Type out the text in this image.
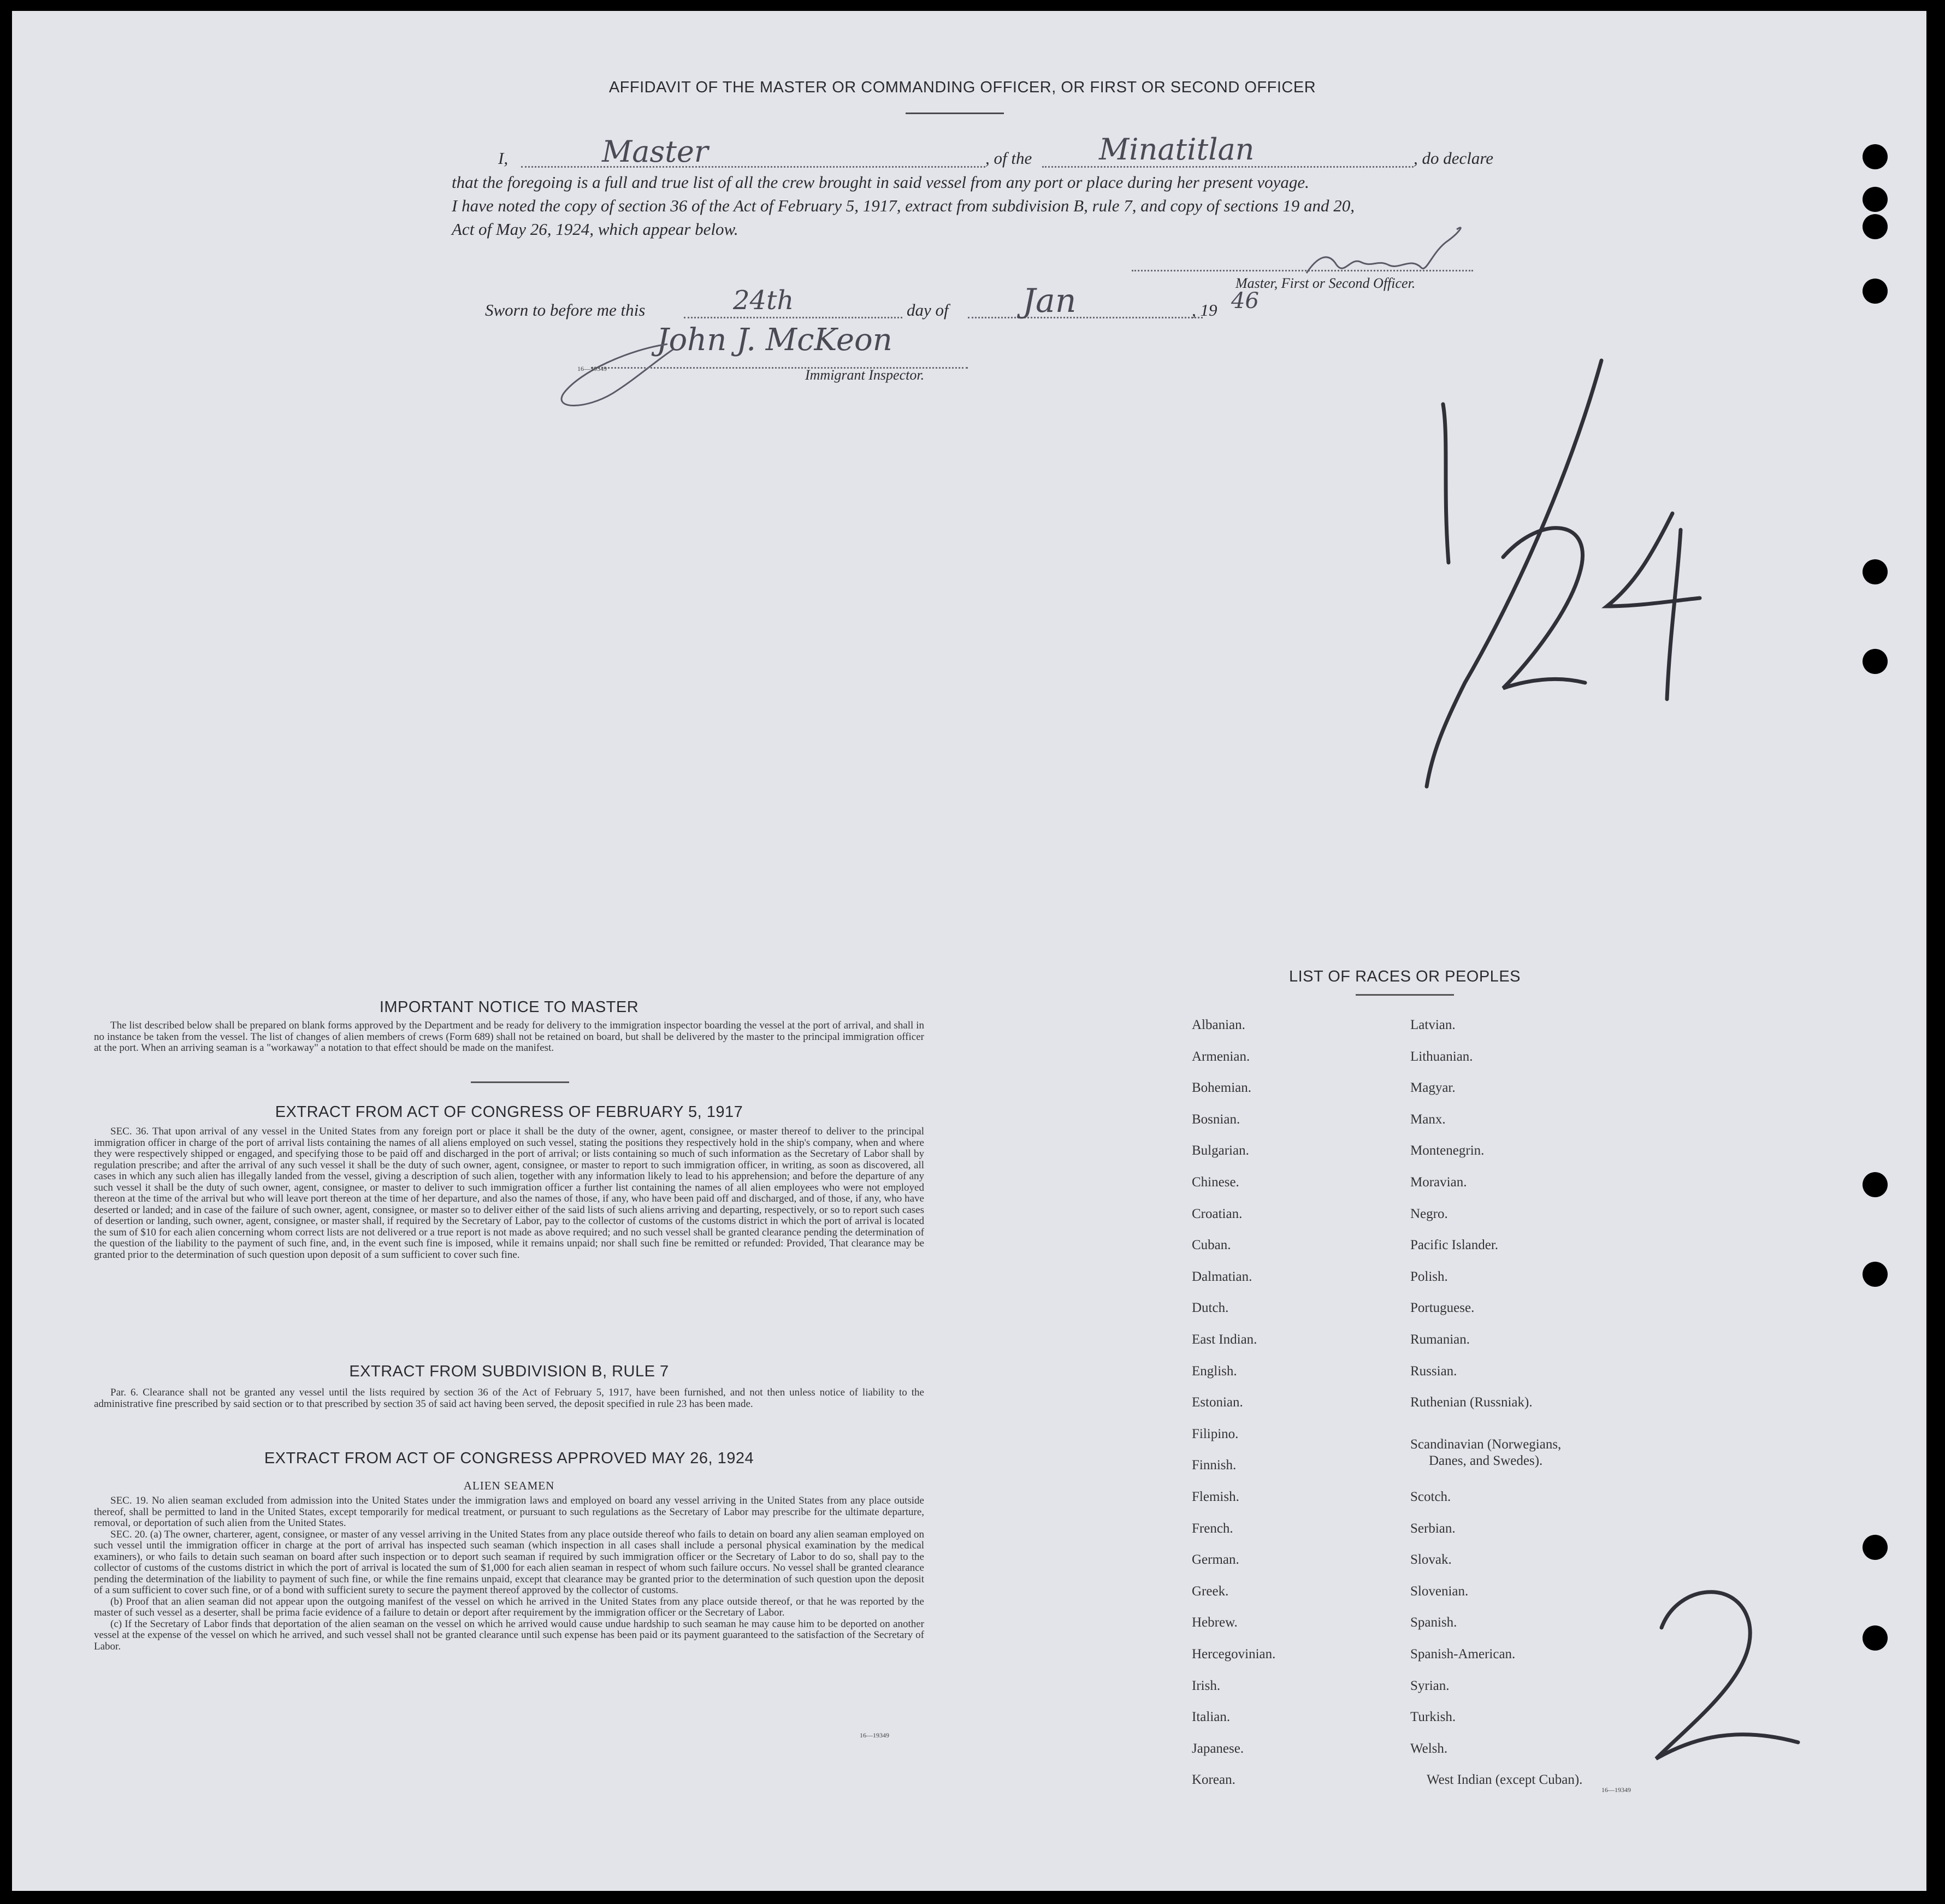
AFFIDAVIT OF THE MASTER OR COMMANDING OFFICER, OR FIRST OR SECOND OFFICER
I,	Master	, of the Minatitlan	, do declare
that the foregoing is a full and true list of all the crew brought in said vessel from any port or place during her present voyage.
I have noted the copy of section 36 of the Act of February 5, 1917, extract from subdivision B, rule 7, and copy of sections 19 and 20,
Act of May 26, 1924, which appear below.
Master, First or Second Officer.
Sworn to before me this	24th	day of Jan	, 19 46
John J. McKeon
16—19349	Immigrant Inspector.
IMPORTANT NOTICE TO MASTER

The list described below shall be prepared on blank forms approved by the Department and be ready for delivery to the immigration inspector boarding the vessel at the port of arrival, and shall in no instance be taken from the vessel. The list of changes of alien members of crews (Form 689) shall not be retained on board, but shall be delivered by the master to the principal immigration officer at the port. When an arriving seaman is a "workaway" a notation to that effect should be made on the manifest.

EXTRACT FROM ACT OF CONGRESS OF FEBRUARY 5, 1917

SEC. 36. That upon arrival of any vessel in the United States from any foreign port or place it shall be the duty of the owner, agent, consignee, or master thereof to deliver to the principal immigration officer in charge of the port of arrival lists containing the names of all aliens employed on such vessel, stating the positions they respectively hold in the ship's company, when and where they were respectively shipped or engaged, and specifying those to be paid off and discharged in the port of arrival; or lists containing so much of such information as the Secretary of Labor shall by regulation prescribe; and after the arrival of any such vessel it shall be the duty of such owner, agent, consignee, or master to report to such immigration officer, in writing, as soon as discovered, all cases in which any such alien has illegally landed from the vessel, giving a description of such alien, together with any information likely to lead to his apprehension; and before the departure of any such vessel it shall be the duty of such owner, agent, consignee, or master to deliver to such immigration officer a further list containing the names of all alien employees who were not employed thereon at the time of the arrival but who will leave port thereon at the time of her departure, and also the names of those, if any, who have been paid off and discharged, and of those, if any, who have deserted or landed; and in case of the failure of such owner, agent, consignee, or master so to deliver either of the said lists of such aliens arriving and departing, respectively, or so to report such cases of desertion or landing, such owner, agent, consignee, or master shall, if required by the Secretary of Labor, pay to the collector of customs of the customs district in which the port of arrival is located the sum of $10 for each alien concerning whom correct lists are not delivered or a true report is not made as above required; and no such vessel shall be granted clearance pending the determination of the question of the liability to the payment of such fine, and, in the event such fine is imposed, while it remains unpaid; nor shall such fine be remitted or refunded: Provided, That clearance may be granted prior to the determination of such question upon deposit of a sum sufficient to cover such fine.

EXTRACT FROM SUBDIVISION B, RULE 7

Par. 6. Clearance shall not be granted any vessel until the lists required by section 36 of the Act of February 5, 1917, have been furnished, and not then unless notice of liability to the administrative fine prescribed by said section or to that prescribed by section 35 of said act having been served, the deposit specified in rule 23 has been made.

EXTRACT FROM ACT OF CONGRESS APPROVED MAY 26, 1924
ALIEN SEAMEN

SEC. 19. No alien seaman excluded from admission into the United States under the immigration laws and employed on board any vessel arriving in the United States from any place outside thereof, shall be permitted to land in the United States, except temporarily for medical treatment, or pursuant to such regulations as the Secretary of Labor may prescribe for the ultimate departure, removal, or deportation of such alien from the United States.

SEC. 20. (a) The owner, charterer, agent, consignee, or master of any vessel arriving in the United States from any place outside thereof who fails to detain on board any alien seaman employed on such vessel until the immigration officer in charge at the port of arrival has inspected such seaman (which inspection in all cases shall include a personal physical examination by the medical examiners), or who fails to detain such seaman on board after such inspection or to deport such seaman if required by such immigration officer or the Secretary of Labor to do so, shall pay to the collector of customs of the customs district in which the port of arrival is located the sum of $1,000 for each alien seaman in respect of whom such failure occurs. No vessel shall be granted clearance pending the determination of the liability to payment of such fine, or while the fine remains unpaid, except that clearance may be granted prior to the determination of such question upon the deposit of a sum sufficient to cover such fine, or of a bond with sufficient surety to secure the payment thereof approved by the collector of customs.

(b) Proof that an alien seaman did not appear upon the outgoing manifest of the vessel on which he arrived in the United States from any place outside thereof, or that he was reported by the master of such vessel as a deserter, shall be prima facie evidence of a failure to detain or deport after requirement by the immigration officer or the Secretary of Labor.

(c) If the Secretary of Labor finds that deportation of the alien seaman on the vessel on which he arrived would cause undue hardship to such seaman he may cause him to be deported on another vessel at the expense of the vessel on which he arrived, and such vessel shall not be granted clearance until such expense has been paid or its payment guaranteed to the satisfaction of the Secretary of Labor.

16—19349
LIST OF RACES OR PEOPLES
Albanian.
Armenian.
Bohemian.
Bosnian.
Bulgarian.
Chinese.
Croatian.
Cuban.
Dalmatian.
Dutch.
East Indian.
English.
Estonian.
Filipino.
Finnish.
Flemish.
French.
German.
Greek.
Hebrew.
Hercegovinian.
Irish.
Italian.
Japanese.
Korean.
Latvian.
Lithuanian.
Magyar.
Manx.
Montenegrin.
Moravian.
Negro.
Pacific Islander.
Polish.
Portuguese.
Rumanian.
Russian.
Ruthenian (Russniak).
Scandinavian (Norwegians,
Danes, and Swedes).
Scotch.
Serbian.
Slovak.
Slovenian.
Spanish.
Spanish-American.
Syrian.
Turkish.
Welsh.
West Indian (except Cuban).
16—19349
